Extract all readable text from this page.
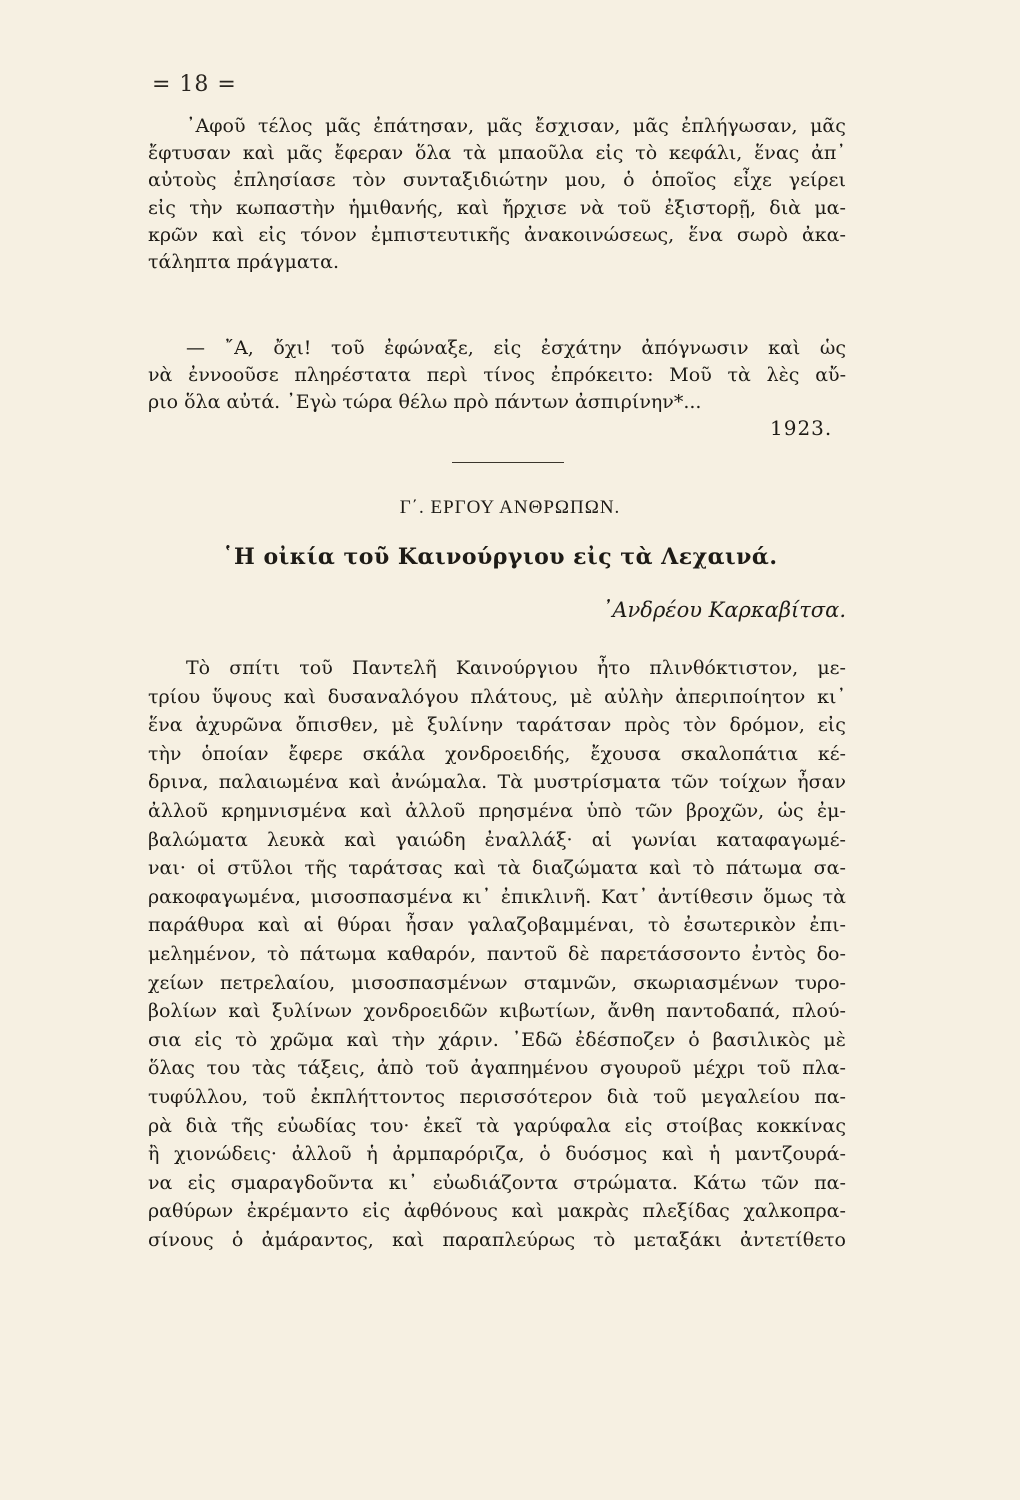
= 18 =
᾿Αφοῦ τέλος μᾶς ἐπάτησαν, μᾶς ἔσχισαν, μᾶς ἐπλήγωσαν, μᾶς
ἔφτυσαν καὶ μᾶς ἔφεραν ὅλα τὰ μπαοῦλα εἰς τὸ κεφάλι, ἕνας ἀπ᾿
αὐτοὺς ἐπλησίασε τὸν συνταξιδιώτην μου, ὁ ὁποῖος εἶχε γείρει
εἰς τὴν κωπαστὴν ἡμιθανής, καὶ ἤρχισε νὰ τοῦ ἐξιστορῇ, διὰ μα-
κρῶν καὶ εἰς τόνον ἐμπιστευτικῆς ἀνακοινώσεως, ἕνα σωρὸ ἀκα-
τάληπτα πράγματα.
— ῎Α, ὄχι! τοῦ ἐφώναξε, εἰς ἐσχάτην ἀπόγνωσιν καὶ ὡς
νὰ ἐννοοῦσε πληρέστατα περὶ τίνος ἐπρόκειτο: Μοῦ τὰ λὲς αὔ-
ριο ὅλα αὐτά. ᾿Εγὼ τώρα θέλω πρὸ πάντων ἀσπιρίνην*...
1923.
Γ΄. ΕΡΓΟΥ ΑΝΘΡΩΠΩΝ.
῾Η οἰκία τοῦ Καινούργιου εἰς τὰ Λεχαινά.
᾿Ανδρέου Καρκαβίτσα.
Τὸ σπίτι τοῦ Παντελῆ Καινούργιου ἦτο πλινθόκτιστον, με-
τρίου ὕψους καὶ δυσαναλόγου πλάτους, μὲ αὐλὴν ἀπεριποίητον κι᾿
ἕνα ἀχυρῶνα ὄπισθεν, μὲ ξυλίνην ταράτσαν πρὸς τὸν δρόμον, εἰς
τὴν ὁποίαν ἔφερε σκάλα χονδροειδής, ἔχουσα σκαλοπάτια κέ-
δρινα, παλαιωμένα καὶ ἀνώμαλα. Τὰ μυστρίσματα τῶν τοίχων ἦσαν
ἀλλοῦ κρημνισμένα καὶ ἀλλοῦ πρησμένα ὑπὸ τῶν βροχῶν, ὡς ἐμ-
βαλώματα λευκὰ καὶ γαιώδη ἐναλλάξ· αἱ γωνίαι καταφαγωμέ-
ναι· οἱ στῦλοι τῆς ταράτσας καὶ τὰ διαζώματα καὶ τὸ πάτωμα σα-
ρακοφαγωμένα, μισοσπασμένα κι᾿ ἐπικλινῆ. Κατ᾿ ἀντίθεσιν ὅμως τὰ
παράθυρα καὶ αἱ θύραι ἦσαν γαλαζοβαμμέναι, τὸ ἐσωτερικὸν ἐπι-
μελημένον, τὸ πάτωμα καθαρόν, παντοῦ δὲ παρετάσσοντο ἐντὸς δο-
χείων πετρελαίου, μισοσπασμένων σταμνῶν, σκωριασμένων τυρο-
βολίων καὶ ξυλίνων χονδροειδῶν κιβωτίων, ἄνθη παντοδαπά, πλού-
σια εἰς τὸ χρῶμα καὶ τὴν χάριν. ᾿Εδῶ ἐδέσποζεν ὁ βασιλικὸς μὲ
ὅλας του τὰς τάξεις, ἀπὸ τοῦ ἀγαπημένου σγουροῦ μέχρι τοῦ πλα-
τυφύλλου, τοῦ ἐκπλήττοντος περισσότερον διὰ τοῦ μεγαλείου πα-
ρὰ διὰ τῆς εὐωδίας του· ἐκεῖ τὰ γαρύφαλα εἰς στοίβας κοκκίνας
ἢ χιονώδεις· ἀλλοῦ ἡ ἀρμπαρόριζα, ὁ δυόσμος καὶ ἡ μαντζουρά-
να εἰς σμαραγδοῦντα κι᾿ εὐωδιάζοντα στρώματα. Κάτω τῶν πα-
ραθύρων ἐκρέμαντο εἰς ἀφθόνους καὶ μακρὰς πλεξίδας χαλκοπρα-
σίνους ὁ ἀμάραντος, καὶ παραπλεύρως τὸ μεταξάκι ἀντετίθετο
